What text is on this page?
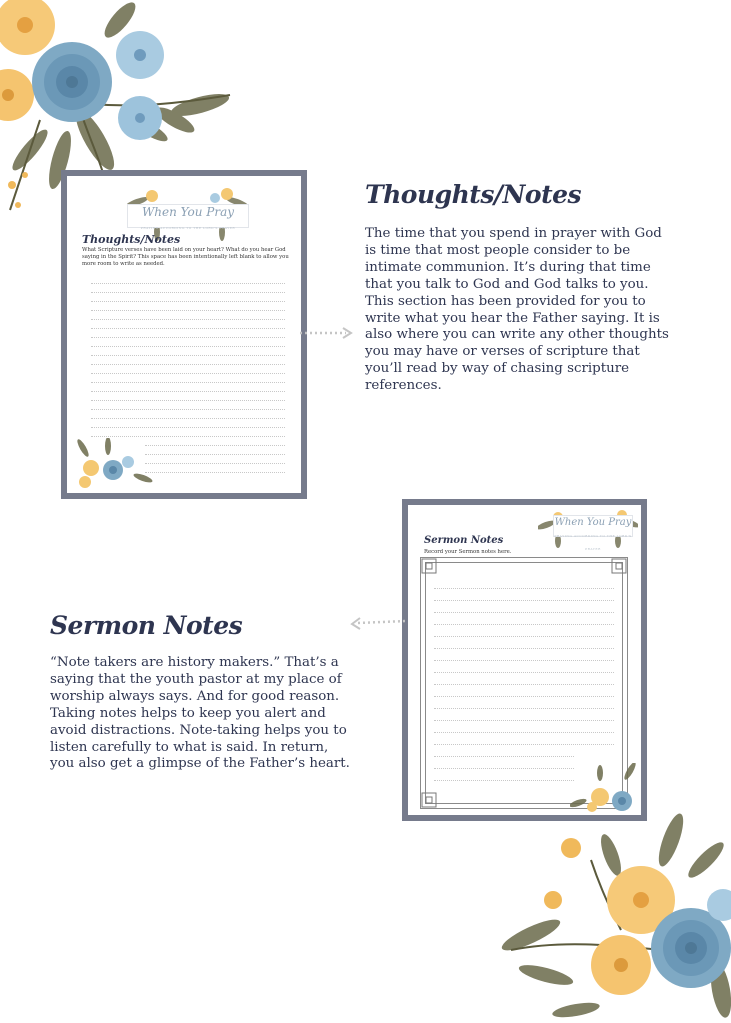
When You Pray
PRAYING ACCORDING TO THE LORD'S PRAYER
Thoughts/Notes
What Scripture verses have been laid on your heart? What do you hear God saying in the Spirit? This space has been intentionally left blank to allow you more room to write as needed.
Thoughts/Notes
The time that you spend in prayer with God is time that most people consider to be intimate communion. It’s during that time that you talk to God and God talks to you. This section has been provided for you to write what you hear the Father saying. It is also where you can write any other thoughts you may have or verses of scripture that you’ll read by way of chasing scripture references.
When You Pray
PRAYING ACCORDING TO THE LORD'S PRAYER
Sermon Notes
Record your Sermon notes here.
Sermon Notes
“Note takers are history makers.” That’s a saying that the youth pastor at my place of worship always says. And for good reason. Taking notes helps to keep you alert and avoid distractions. Note-taking helps you to listen carefully to what is said. In return, you also get a glimpse of the Father’s heart.
